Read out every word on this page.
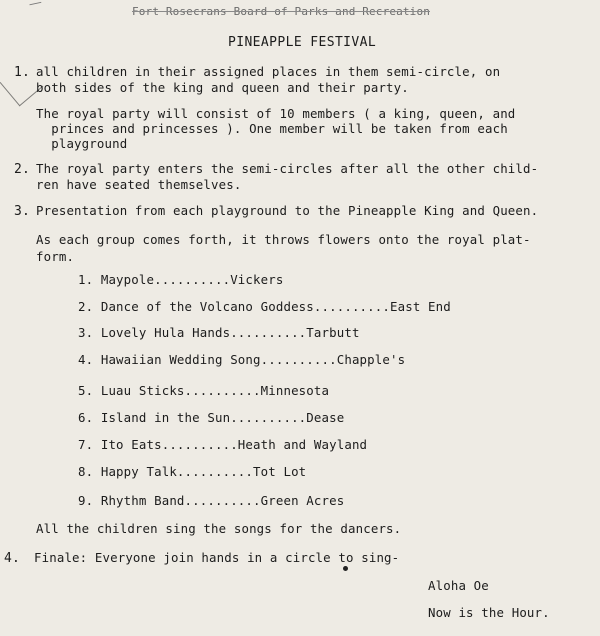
Fort Rosecrans Board of Parks and Recreation
PINEAPPLE FESTIVAL
1. all children in their assigned places in them semi-circle, on
both sides of the king and queen and their party.
The royal party will consist of 10 members ( a king, queen, and
princes and princesses ). One member will be taken from each
playground
2. The royal party enters the semi-circles after all the other child-
ren have seated themselves.
3. Presentation from each playground to the Pineapple King and Queen.
As each group comes forth, it throws flowers onto the royal plat-
form.
1. Maypole..........Vickers
2. Dance of the Volcano Goddess..........East End
3. Lovely Hula Hands..........Tarbutt
4. Hawaiian Wedding Song..........Chapple's
5. Luau Sticks..........Minnesota
6. Island in the Sun..........Dease
7. Ito Eats..........Heath and Wayland
8. Happy Talk..........Tot Lot
9. Rhythm Band..........Green Acres
All the children sing the songs for the dancers.
4. Finale: Everyone join hands in a circle to sing-
Aloha Oe
Now is the Hour.
